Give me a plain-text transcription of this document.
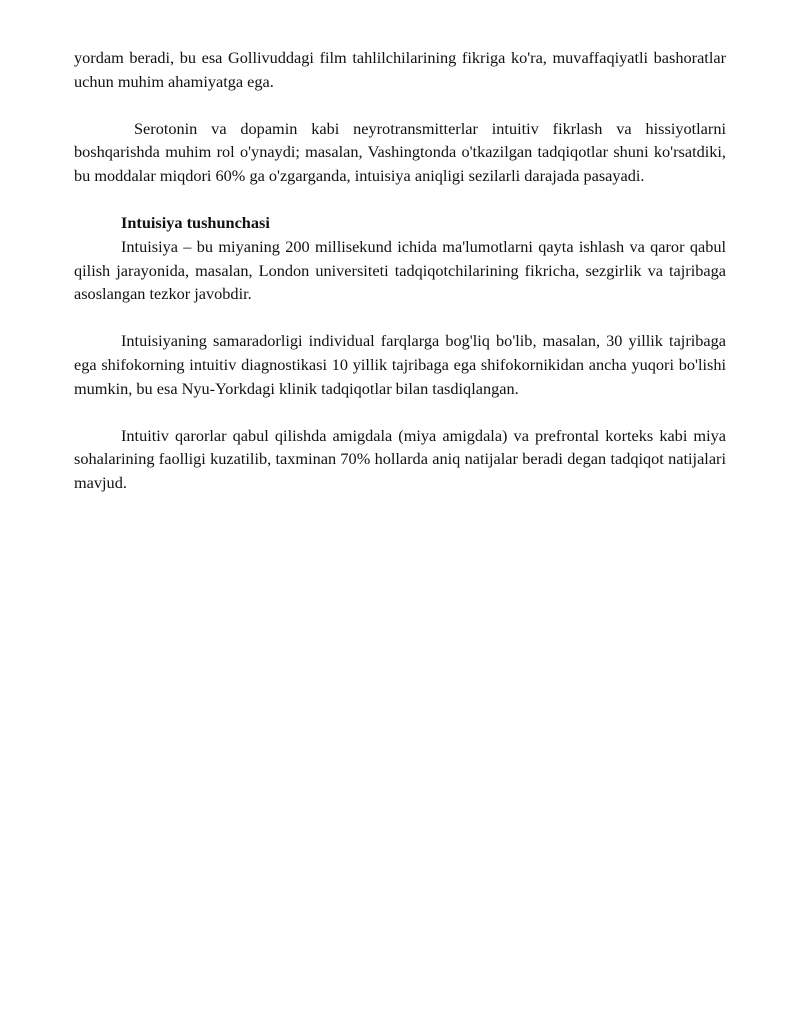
yordam beradi, bu esa Gollivuddagi film tahlilchilarining fikriga ko'ra, muvaffaqiyatli bashoratlar uchun muhim ahamiyatga ega.

Serotonin va dopamin kabi neyrotransmitterlar intuitiv fikrlash va hissiyotlarni boshqarishda muhim rol o'ynaydi; masalan, Vashingtonda o'tkazilgan tadqiqotlar shuni ko'rsatdiki, bu moddalar miqdori 60% ga o'zgarganda, intuisiya aniqligi sezilarli darajada pasayadi.

Intuisiya tushunchasi

Intuisiya – bu miyaning 200 millisekund ichida ma'lumotlarni qayta ishlash va qaror qabul qilish jarayonida, masalan, London universiteti tadqiqotchilarining fikricha, sezgirlik va tajribaga asoslangan tezkor javobdir.

Intuisiyaning samaradorligi individual farqlarga bog'liq bo'lib, masalan, 30 yillik tajribaga ega shifokorning intuitiv diagnostikasi 10 yillik tajribaga ega shifokornikidan ancha yuqori bo'lishi mumkin, bu esa Nyu-Yorkdagi klinik tadqiqotlar bilan tasdiqlangan.

Intuitiv qarorlar qabul qilishda amigdala (miya amigdala) va prefrontal korteks kabi miya sohalarining faolligi kuzatilib, taxminan 70% hollarda aniq natijalar beradi degan tadqiqot natijalari mavjud.
